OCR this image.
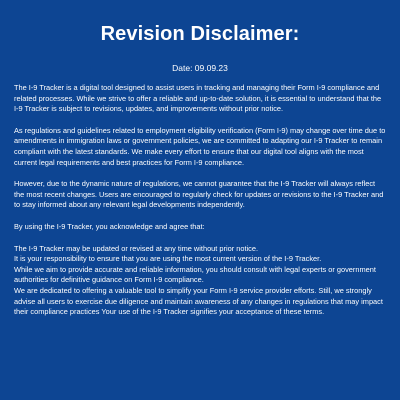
Revision Disclaimer:
Date: 09.09.23

The I-9 Tracker is a digital tool designed to assist users in tracking and managing their Form I-9 compliance and related processes. While we strive to offer a reliable and up-to-date solution, it is essential to understand that the I-9 Tracker is subject to revisions, updates, and improvements without prior notice.

As regulations and guidelines related to employment eligibility verification (Form I-9) may change over time due to amendments in immigration laws or government policies, we are committed to adapting our I-9 Tracker to remain compliant with the latest standards. We make every effort to ensure that our digital tool aligns with the most current legal requirements and best practices for Form I-9 compliance.

However, due to the dynamic nature of regulations, we cannot guarantee that the I-9 Tracker will always reflect the most recent changes. Users are encouraged to regularly check for updates or revisions to the I-9 Tracker and to stay informed about any relevant legal developments independently.

By using the I-9 Tracker, you acknowledge and agree that:

The I-9 Tracker may be updated or revised at any time without prior notice.
It is your responsibility to ensure that you are using the most current version of the I-9 Tracker.
While we aim to provide accurate and reliable information, you should consult with legal experts or government authorities for definitive guidance on Form I-9 compliance.
We are dedicated to offering a valuable tool to simplify your Form I-9 service provider efforts. Still, we strongly advise all users to exercise due diligence and maintain awareness of any changes in regulations that may impact their compliance practices Your use of the I-9 Tracker signifies your acceptance of these terms.
